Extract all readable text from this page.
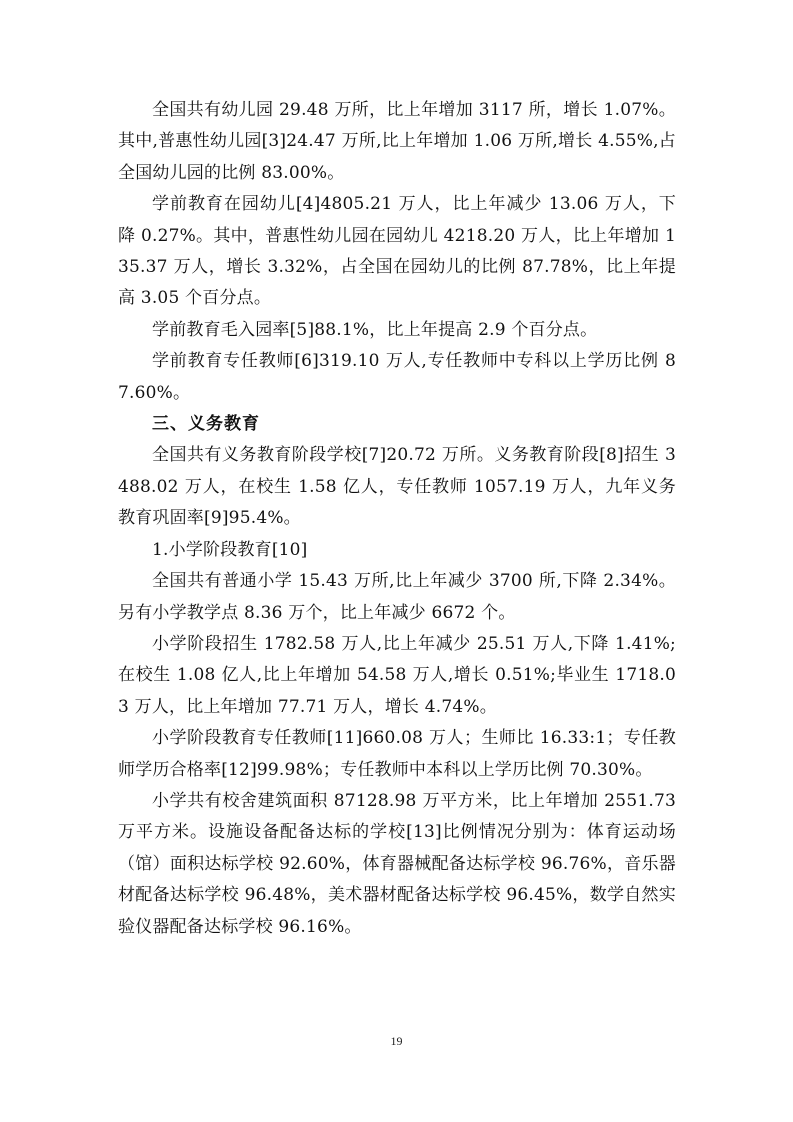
全国共有幼儿园 29.48 万所，比上年增加 3117 所，增长 1.07%。其中,普惠性幼儿园[3]24.47 万所,比上年增加 1.06 万所,增长 4.55%,占全国幼儿园的比例 83.00%。

学前教育在园幼儿[4]4805.21 万人，比上年减少 13.06 万人，下降 0.27%。其中，普惠性幼儿园在园幼儿 4218.20 万人，比上年增加 135.37 万人，增长 3.32%，占全国在园幼儿的比例 87.78%，比上年提高 3.05 个百分点。

学前教育毛入园率[5]88.1%，比上年提高 2.9 个百分点。

学前教育专任教师[6]319.10 万人,专任教师中专科以上学历比例 87.60%。

三、义务教育

全国共有义务教育阶段学校[7]20.72 万所。义务教育阶段[8]招生 3488.02 万人，在校生 1.58 亿人，专任教师 1057.19 万人，九年义务教育巩固率[9]95.4%。

1.小学阶段教育[10]

全国共有普通小学 15.43 万所,比上年减少 3700 所,下降 2.34%。另有小学教学点 8.36 万个，比上年减少 6672 个。

小学阶段招生 1782.58 万人,比上年减少 25.51 万人,下降 1.41%;在校生 1.08 亿人,比上年增加 54.58 万人,增长 0.51%;毕业生 1718.03 万人，比上年增加 77.71 万人，增长 4.74%。

小学阶段教育专任教师[11]660.08 万人；生师比 16.33:1；专任教师学历合格率[12]99.98%；专任教师中本科以上学历比例 70.30%。

小学共有校舍建筑面积 87128.98 万平方米，比上年增加 2551.73 万平方米。设施设备配备达标的学校[13]比例情况分别为：体育运动场（馆）面积达标学校 92.60%，体育器械配备达标学校 96.76%，音乐器材配备达标学校 96.48%，美术器材配备达标学校 96.45%，数学自然实验仪器配备达标学校 96.16%。

19
